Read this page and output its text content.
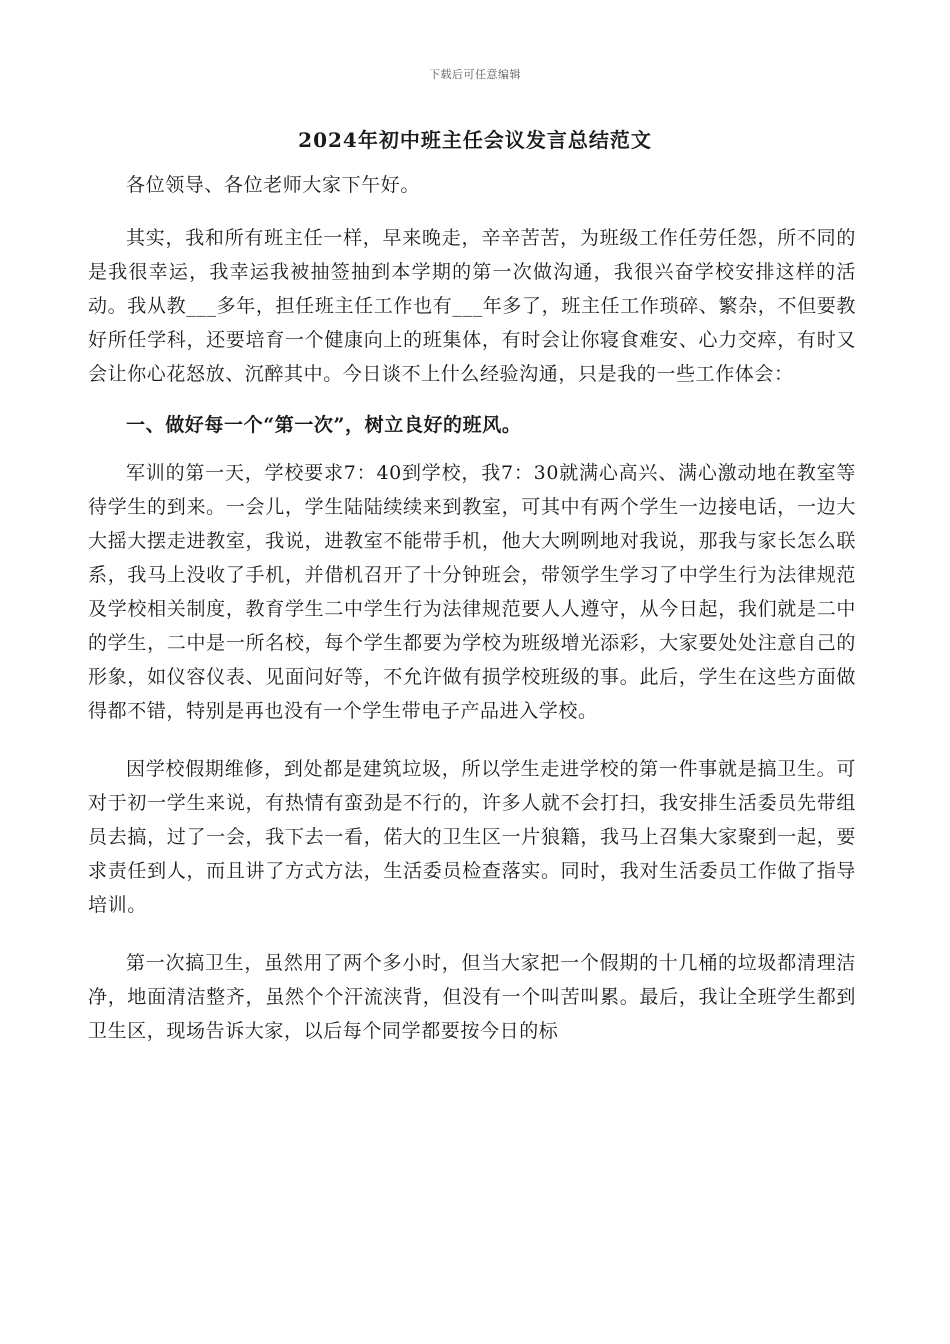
下载后可任意编辑
2024年初中班主任会议发言总结范文

各位领导、各位老师大家下午好。

其实，我和所有班主任一样，早来晚走，辛辛苦苦，为班级工作任劳任怨，所不同的是我很幸运，我幸运我被抽签抽到本学期的第一次做沟通，我很兴奋学校安排这样的活动。我从教___多年，担任班主任工作也有___年多了，班主任工作琐碎、繁杂，不但要教好所任学科，还要培育一个健康向上的班集体，有时会让你寝食难安、心力交瘁，有时又会让你心花怒放、沉醉其中。今日谈不上什么经验沟通，只是我的一些工作体会：

一、做好每一个“第一次”，树立良好的班风。

军训的第一天，学校要求7：40到学校，我7：30就满心高兴、满心激动地在教室等待学生的到来。一会儿，学生陆陆续续来到教室，可其中有两个学生一边接电话，一边大大摇大摆走进教室，我说，进教室不能带手机，他大大咧咧地对我说，那我与家长怎么联系，我马上没收了手机，并借机召开了十分钟班会，带领学生学习了中学生行为法律规范及学校相关制度，教育学生二中学生行为法律规范要人人遵守，从今日起，我们就是二中的学生，二中是一所名校，每个学生都要为学校为班级增光添彩，大家要处处注意自己的形象，如仪容仪表、见面问好等，不允许做有损学校班级的事。此后，学生在这些方面做得都不错，特别是再也没有一个学生带电子产品进入学校。

因学校假期维修，到处都是建筑垃圾，所以学生走进学校的第一件事就是搞卫生。可对于初一学生来说，有热情有蛮劲是不行的，许多人就不会打扫，我安排生活委员先带组员去搞，过了一会，我下去一看，偌大的卫生区一片狼籍，我马上召集大家聚到一起，要求责任到人，而且讲了方式方法，生活委员检查落实。同时，我对生活委员工作做了指导培训。

第一次搞卫生，虽然用了两个多小时，但当大家把一个假期的十几桶的垃圾都清理洁净，地面清洁整齐，虽然个个汗流浃背，但没有一个叫苦叫累。最后，我让全班学生都到卫生区，现场告诉大家，以后每个同学都要按今日的标
